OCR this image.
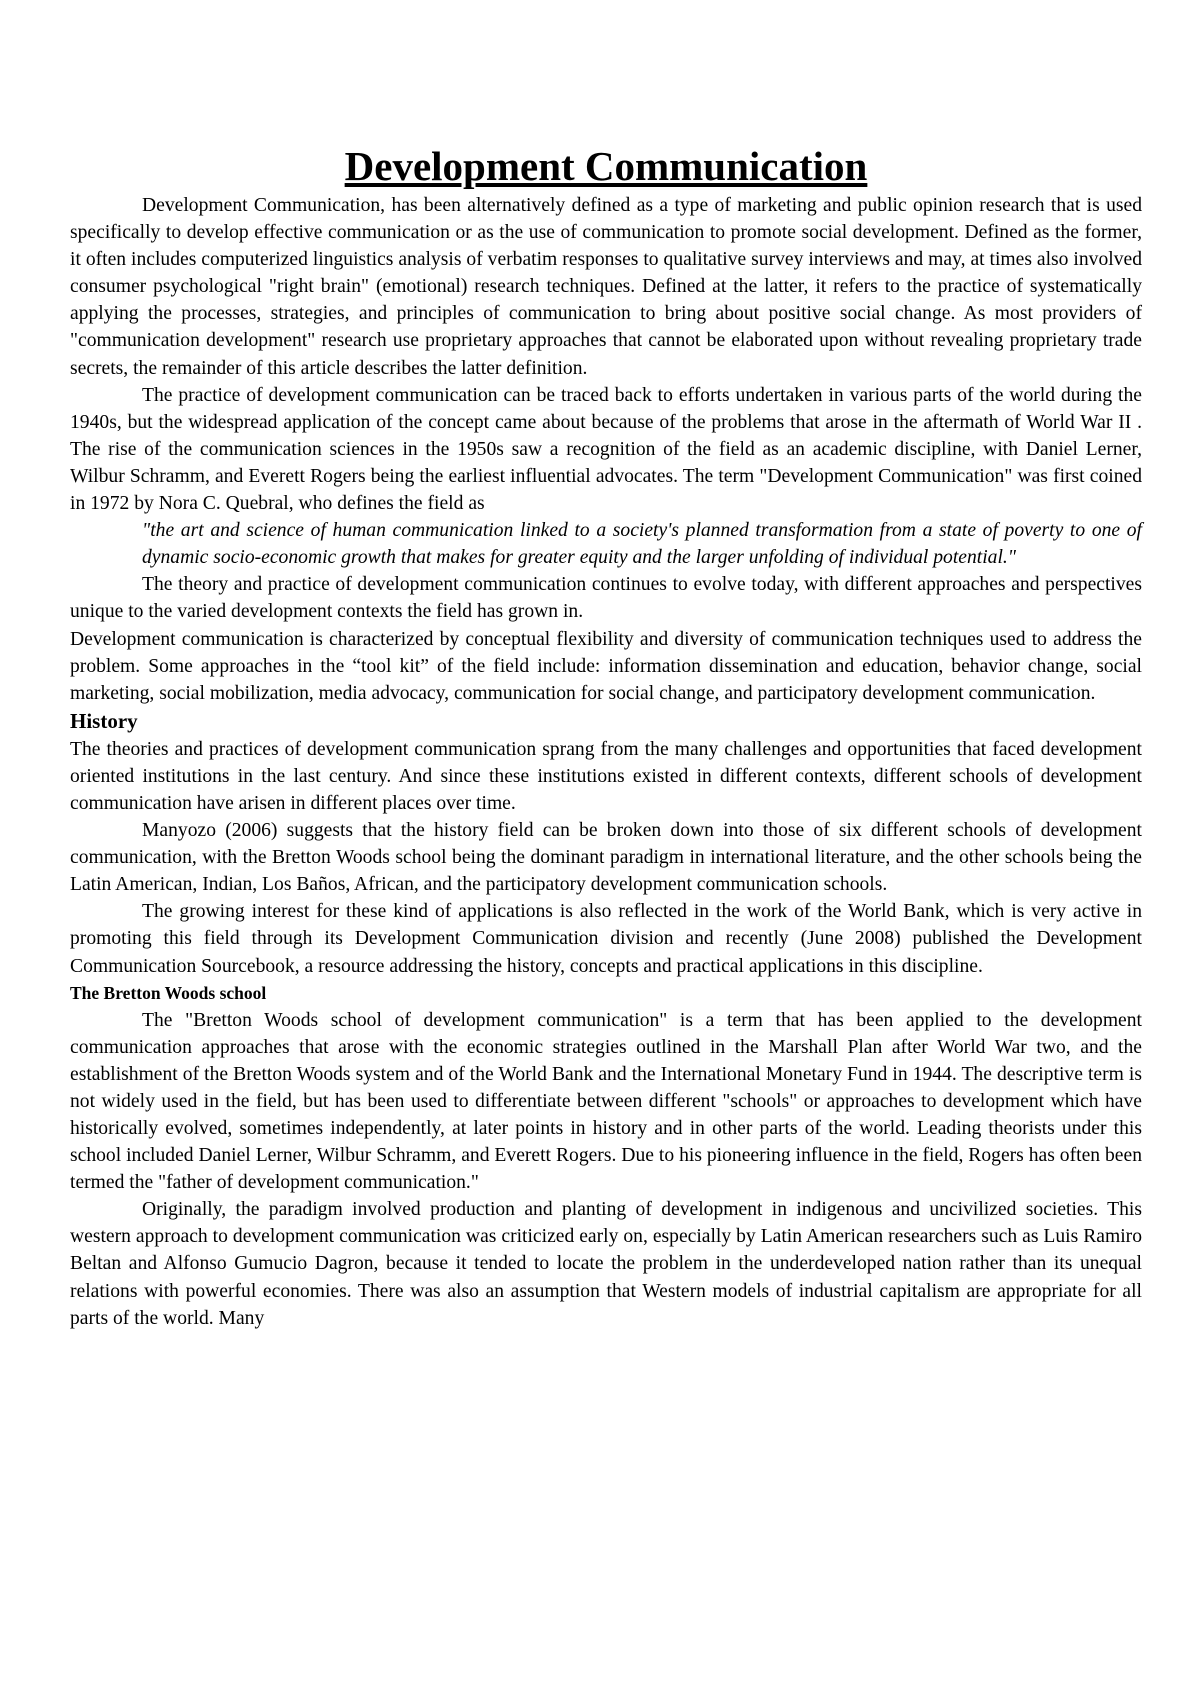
Development Communication

Development Communication, has been alternatively defined as a type of marketing and public opinion research that is used specifically to develop effective communication or as the use of communication to promote social development. Defined as the former, it often includes computerized linguistics analysis of verbatim responses to qualitative survey interviews and may, at times also involved consumer psychological "right brain" (emotional) research techniques. Defined at the latter, it refers to the practice of systematically applying the processes, strategies, and principles of communication to bring about positive social change. As most providers of "communication development" research use proprietary approaches that cannot be elaborated upon without revealing proprietary trade secrets, the remainder of this article describes the latter definition.

The practice of development communication can be traced back to efforts undertaken in various parts of the world during the 1940s, but the widespread application of the concept came about because of the problems that arose in the aftermath of World War II . The rise of the communication sciences in the 1950s saw a recognition of the field as an academic discipline, with Daniel Lerner, Wilbur Schramm, and Everett Rogers being the earliest influential advocates. The term "Development Communication" was first coined in 1972 by Nora C. Quebral, who defines the field as

"the art and science of human communication linked to a society's planned transformation from a state of poverty to one of dynamic socio-economic growth that makes for greater equity and the larger unfolding of individual potential."

The theory and practice of development communication continues to evolve today, with different approaches and perspectives unique to the varied development contexts the field has grown in.

Development communication is characterized by conceptual flexibility and diversity of communication techniques used to address the problem. Some approaches in the “tool kit” of the field include: information dissemination and education, behavior change, social marketing, social mobilization, media advocacy, communication for social change, and participatory development communication.

History

The theories and practices of development communication sprang from the many challenges and opportunities that faced development oriented institutions in the last century. And since these institutions existed in different contexts, different schools of development communication have arisen in different places over time.

Manyozo (2006) suggests that the history field can be broken down into those of six different schools of development communication, with the Bretton Woods school being the dominant paradigm in international literature, and the other schools being the Latin American, Indian, Los Baños, African, and the participatory development communication schools.

The growing interest for these kind of applications is also reflected in the work of the World Bank, which is very active in promoting this field through its Development Communication division and recently (June 2008) published the Development Communication Sourcebook, a resource addressing the history, concepts and practical applications in this discipline.

The Bretton Woods school

The "Bretton Woods school of development communication" is a term that has been applied to the development communication approaches that arose with the economic strategies outlined in the Marshall Plan after World War two, and the establishment of the Bretton Woods system and of the World Bank and the International Monetary Fund in 1944. The descriptive term is not widely used in the field, but has been used to differentiate between different "schools" or approaches to development which have historically evolved, sometimes independently, at later points in history and in other parts of the world. Leading theorists under this school included Daniel Lerner, Wilbur Schramm, and Everett Rogers. Due to his pioneering influence in the field, Rogers has often been termed the "father of development communication."

Originally, the paradigm involved production and planting of development in indigenous and uncivilized societies. This western approach to development communication was criticized early on, especially by Latin American researchers such as Luis Ramiro Beltan and Alfonso Gumucio Dagron, because it tended to locate the problem in the underdeveloped nation rather than its unequal relations with powerful economies. There was also an assumption that Western models of industrial capitalism are appropriate for all parts of the world. Many
